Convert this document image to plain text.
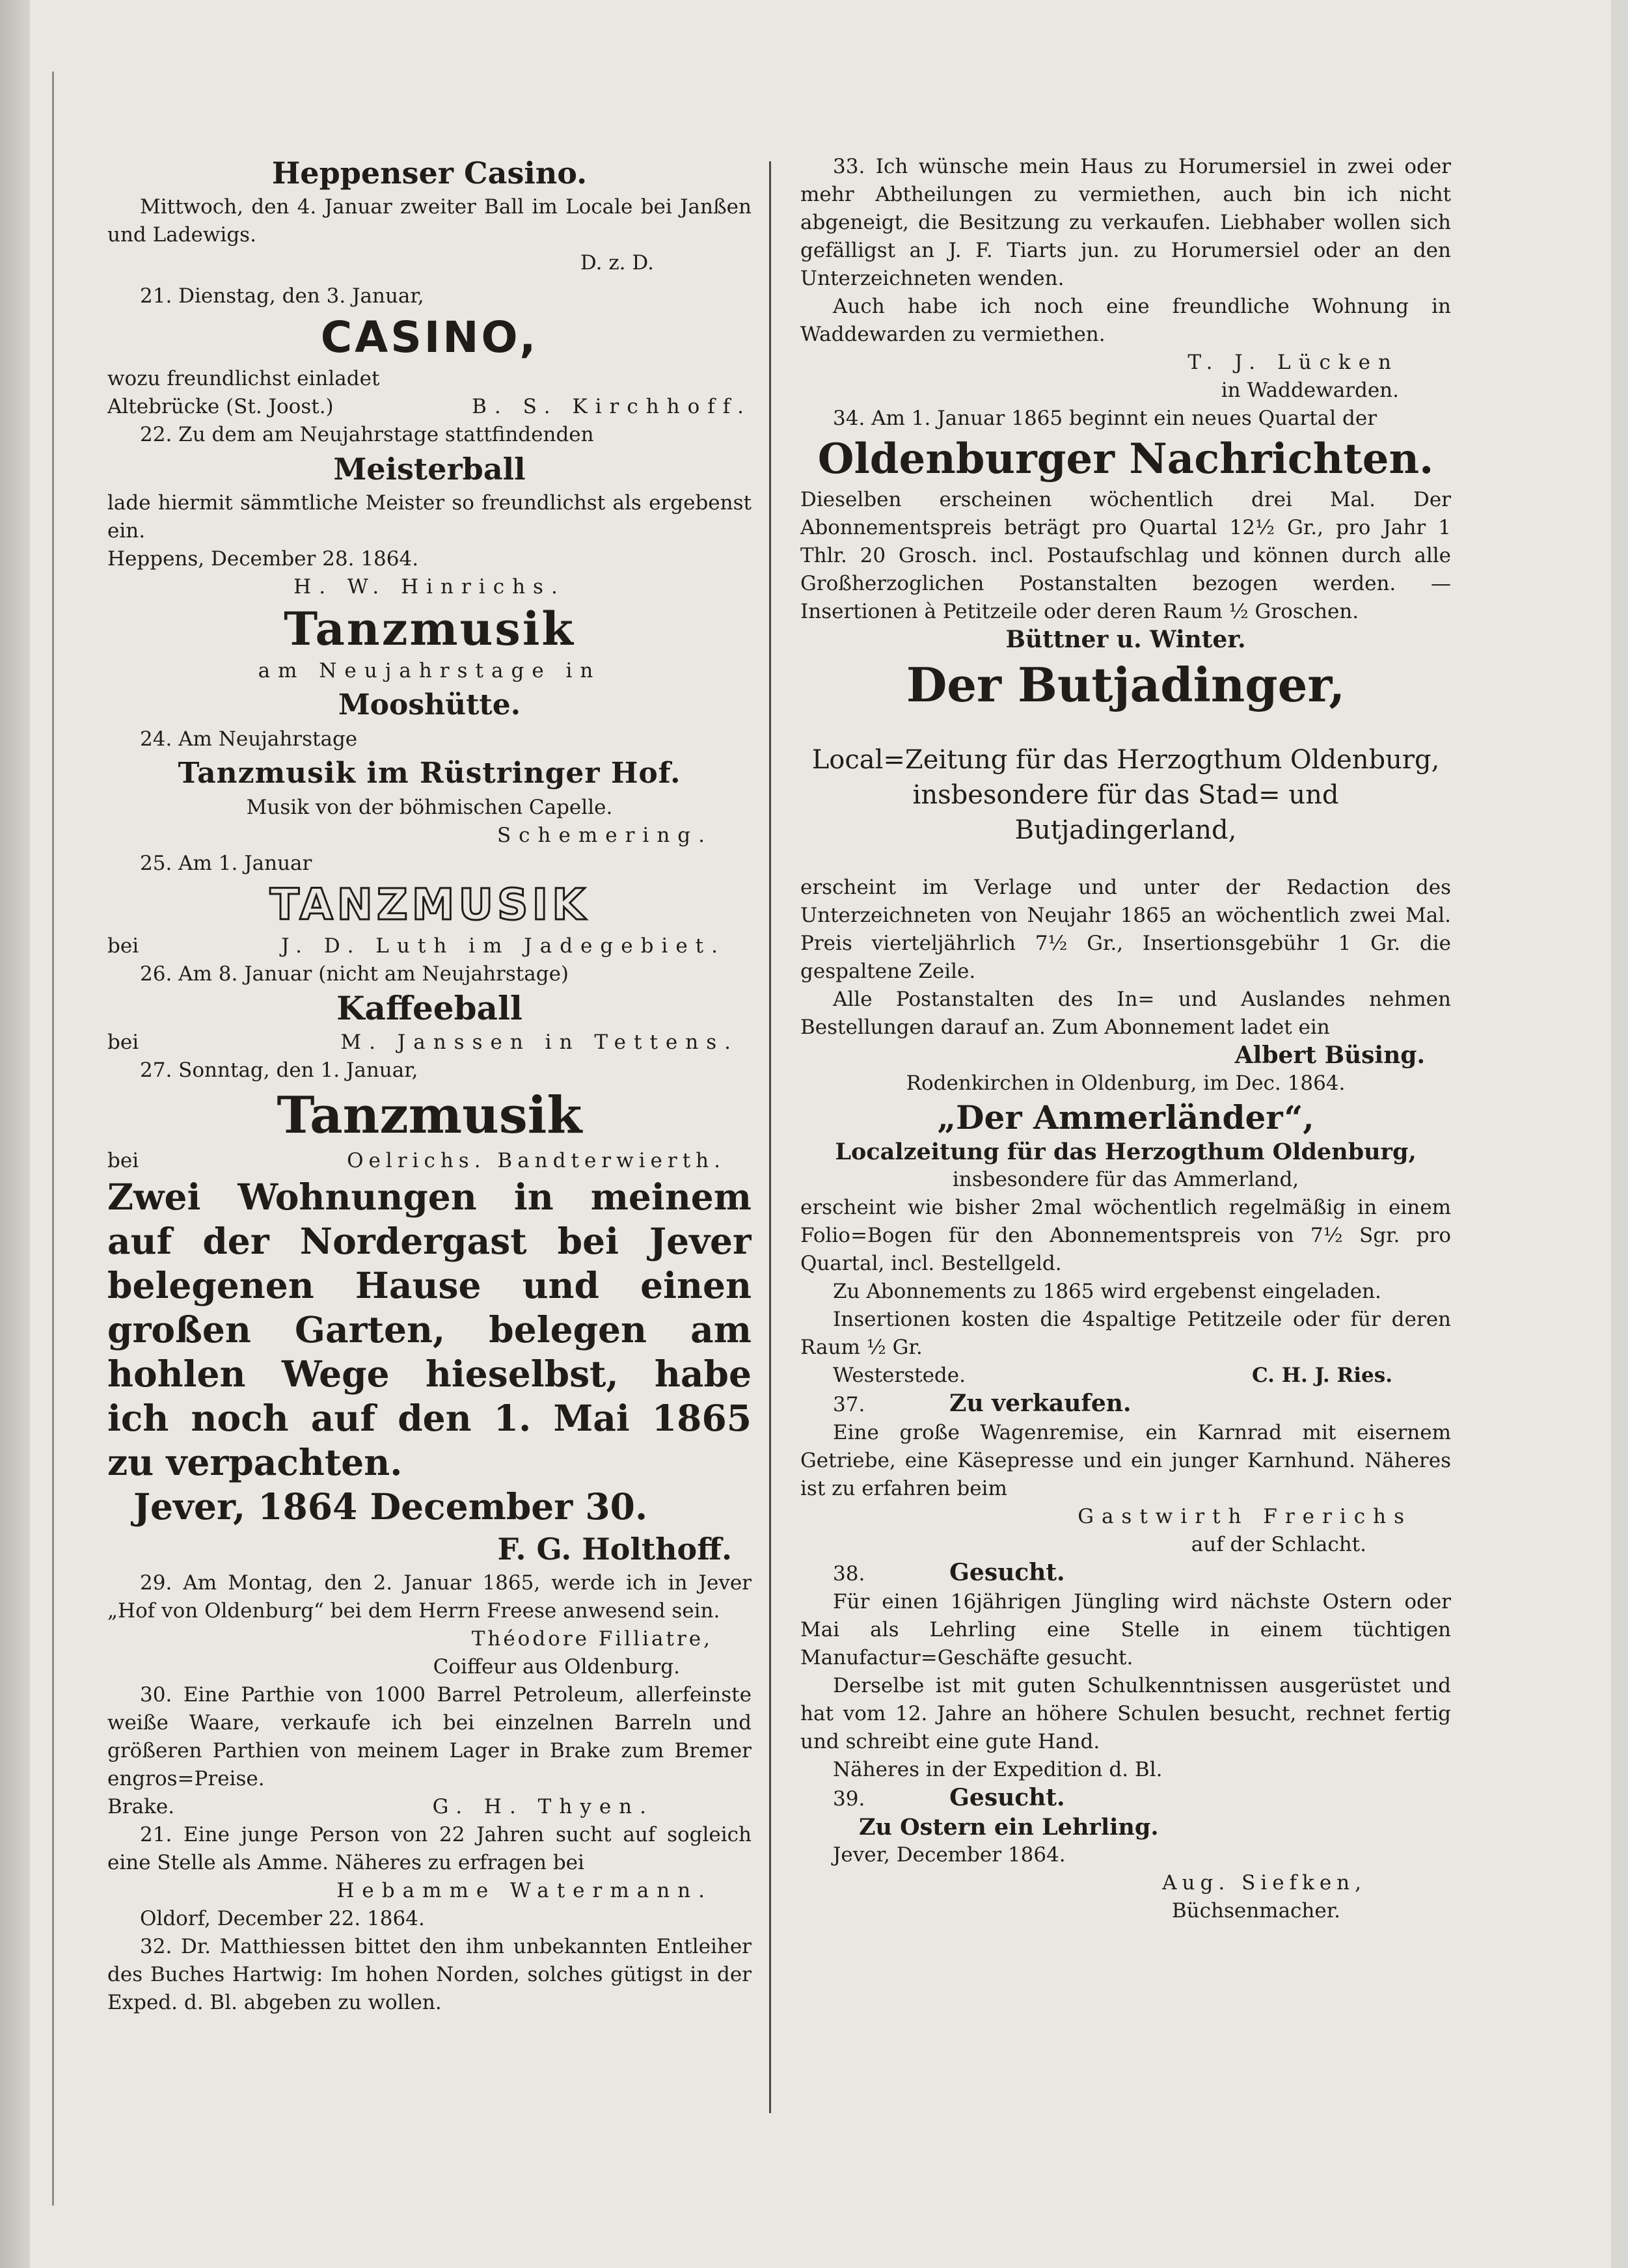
Heppenser Casino.

Mittwoch, den 4. Januar zweiter Ball im Locale bei Janßen und Ladewigs.

D. z. D.

21. Dienstag, den 3. Januar,

CASINO,

wozu freundlichst einladet

Altebrücke (St. Joost.)	B. S. Kirchhoff.

22. Zu dem am Neujahrstage stattfindenden

Meisterball

lade hiermit sämmtliche Meister so freundlichst als ergebenst ein.

Heppens, December 28. 1864.

H. W. Hinrichs.

Tanzmusik

am Neujahrstage in

Mooshütte.

24. Am Neujahrstage

Tanzmusik im Rüstringer Hof.

Musik von der böhmischen Capelle.

Schemering.

25. Am 1. Januar

TANZMUSIK

bei	J. D. Luth im Jadegebiet.

26. Am 8. Januar (nicht am Neujahrstage)

Kaffeeball

bei	M. Janssen in Tettens.

27. Sonntag, den 1. Januar,

Tanzmusik

bei	Oelrichs. Bandterwierth.

Zwei Wohnungen in meinem auf der Nordergast bei Jever belegenen Hause und einen großen Garten, belegen am hohlen Wege hieselbst, habe ich noch auf den 1. Mai 1865 zu verpachten.

Jever, 1864 December 30.

F. G. Holthoff.

29. Am Montag, den 2. Januar 1865, werde ich in Jever „Hof von Oldenburg“ bei dem Herrn Freese anwesend sein.

Théodore Filliatre,

Coiffeur aus Oldenburg.

30. Eine Parthie von 1000 Barrel Petroleum, allerfeinste weiße Waare, verkaufe ich bei einzelnen Barreln und größeren Parthien von meinem Lager in Brake zum Bremer engros=Preise.

Brake.	G. H. Thyen.

21. Eine junge Person von 22 Jahren sucht auf sogleich eine Stelle als Amme. Näheres zu erfragen bei

Hebamme Watermann.

Oldorf, December 22. 1864.

32. Dr. Matthiessen bittet den ihm unbekannten Entleiher des Buches Hartwig: Im hohen Norden, solches gütigst in der Exped. d. Bl. abgeben zu wollen.

33. Ich wünsche mein Haus zu Horumersiel in zwei oder mehr Abtheilungen zu vermiethen, auch bin ich nicht abgeneigt, die Besitzung zu verkaufen. Liebhaber wollen sich gefälligst an J. F. Tiarts jun. zu Horumersiel oder an den Unterzeichneten wenden.

Auch habe ich noch eine freundliche Wohnung in Waddewarden zu vermiethen.

T. J. Lücken

in Waddewarden.

34. Am 1. Januar 1865 beginnt ein neues Quartal der

Oldenburger Nachrichten.

Dieselben erscheinen wöchentlich drei Mal. Der Abonnementspreis beträgt pro Quartal 12½ Gr., pro Jahr 1 Thlr. 20 Grosch. incl. Postaufschlag und können durch alle Großherzoglichen Postanstalten bezogen werden. — Insertionen à Petitzeile oder deren Raum ½ Groschen.

Büttner u. Winter.

Der Butjadinger,

Local=Zeitung für das Herzogthum Oldenburg, insbesondere für das Stad= und Butjadingerland,

erscheint im Verlage und unter der Redaction des Unterzeichneten von Neujahr 1865 an wöchentlich zwei Mal. Preis vierteljährlich 7½ Gr., Insertionsgebühr 1 Gr. die gespaltene Zeile.

Alle Postanstalten des In= und Auslandes nehmen Bestellungen darauf an. Zum Abonnement ladet ein

Albert Büsing.

Rodenkirchen in Oldenburg, im Dec. 1864.

„Der Ammerländer“,

Localzeitung für das Herzogthum Oldenburg,

insbesondere für das Ammerland,

erscheint wie bisher 2mal wöchentlich regelmäßig in einem Folio=Bogen für den Abonnementspreis von 7½ Sgr. pro Quartal, incl. Bestellgeld.

Zu Abonnements zu 1865 wird ergebenst eingeladen.

Insertionen kosten die 4spaltige Petitzeile oder für deren Raum ½ Gr.

Westerstede.	C. H. J. Ries.

37.	Zu verkaufen.

Eine große Wagenremise, ein Karnrad mit eisernem Getriebe, eine Käsepresse und ein junger Karnhund. Näheres ist zu erfahren beim

Gastwirth Frerichs

auf der Schlacht.

38.	Gesucht.

Für einen 16jährigen Jüngling wird nächste Ostern oder Mai als Lehrling eine Stelle in einem tüchtigen Manufactur=Geschäfte gesucht.

Derselbe ist mit guten Schulkenntnissen ausgerüstet und hat vom 12. Jahre an höhere Schulen besucht, rechnet fertig und schreibt eine gute Hand.

Näheres in der Expedition d. Bl.

39.	Gesucht.

Zu Ostern ein Lehrling.

Jever, December 1864.

Aug. Siefken,

Büchsenmacher.
